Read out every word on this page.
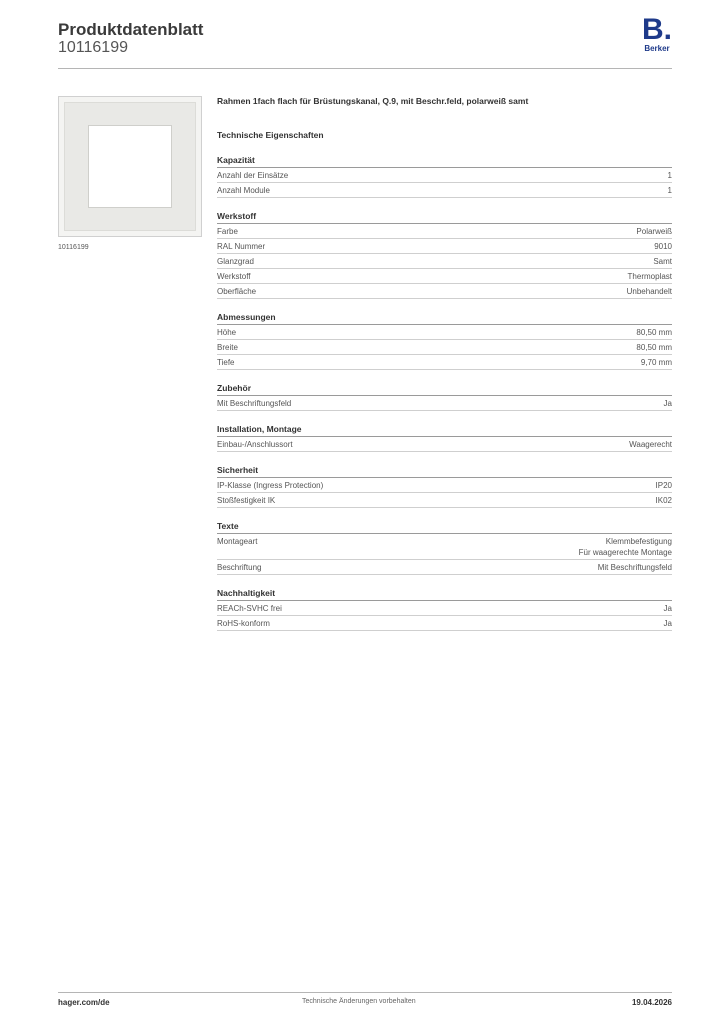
Produktdatenblatt
10116199
B.
Berker
10116199
Rahmen 1fach flach für Brüstungskanal, Q.9, mit Beschr.feld, polarweiß samt
Technische Eigenschaften
Kapazität
Anzahl der Einsätze	1
Anzahl Module	1
Werkstoff
Farbe	Polarweiß
RAL Nummer	9010
Glanzgrad	Samt
Werkstoff	Thermoplast
Oberfläche	Unbehandelt
Abmessungen
Höhe	80,50 mm
Breite	80,50 mm
Tiefe	9,70 mm
Zubehör
Mit Beschriftungsfeld	Ja
Installation, Montage
Einbau-/Anschlussort	Waagerecht
Sicherheit
IP-Klasse (Ingress Protection)	IP20
Stoßfestigkeit IK	IK02
Texte
Montageart	Klemmbefestigung
Für waagerechte Montage
Beschriftung	Mit Beschriftungsfeld
Nachhaltigkeit
REACh-SVHC frei	Ja
RoHS-konform	Ja
hager.com/de	Technische Änderungen vorbehalten	19.04.2026
